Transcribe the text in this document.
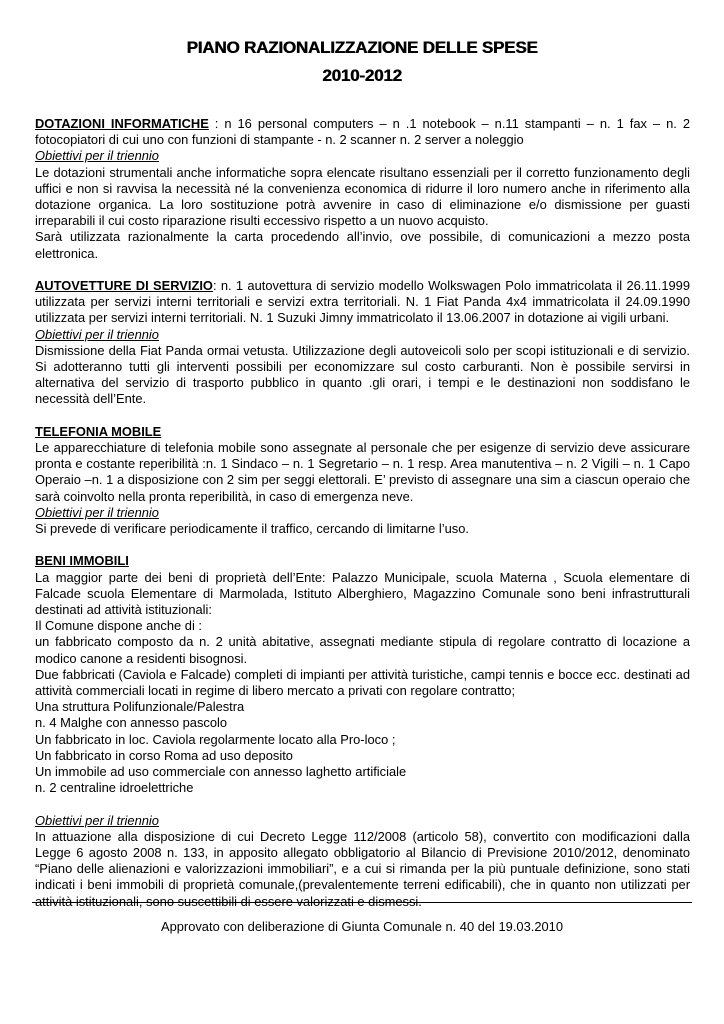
PIANO RAZIONALIZZAZIONE DELLE SPESE
2010-2012

DOTAZIONI INFORMATICHE : n 16 personal computers – n .1 notebook – n.11 stampanti – n. 1 fax – n. 2 fotocopiatori di cui uno con funzioni di stampante - n. 2 scanner n. 2 server a noleggio

Obiettivi per il triennio

Le dotazioni strumentali anche informatiche sopra elencate risultano essenziali per il corretto funzionamento degli uffici e non si ravvisa la necessità né la convenienza economica di ridurre il loro numero anche in riferimento alla dotazione organica. La loro sostituzione potrà avvenire in caso di eliminazione e/o dismissione per guasti irreparabili il cui costo riparazione risulti eccessivo rispetto a un nuovo acquisto.

Sarà utilizzata razionalmente la carta procedendo all’invio, ove possibile, di comunicazioni a mezzo posta elettronica.

AUTOVETTURE DI SERVIZIO: n. 1 autovettura di servizio modello Wolkswagen Polo immatricolata il 26.11.1999 utilizzata per servizi interni territoriali e servizi extra territoriali. N. 1 Fiat Panda 4x4 immatricolata il 24.09.1990 utilizzata per servizi interni territoriali. N. 1 Suzuki Jimny immatricolato il 13.06.2007 in dotazione ai vigili urbani.

Obiettivi per il triennio

Dismissione della Fiat Panda ormai vetusta. Utilizzazione degli autoveicoli solo per scopi istituzionali e di servizio. Si adotteranno tutti gli interventi possibili per economizzare sul costo carburanti. Non è possibile servirsi in alternativa del servizio di trasporto pubblico in quanto .gli orari, i tempi e le destinazioni non soddisfano le necessità dell’Ente.

TELEFONIA MOBILE

Le apparecchiature di telefonia mobile sono assegnate al personale che per esigenze di servizio deve assicurare pronta e costante reperibilità :n. 1 Sindaco – n. 1 Segretario – n. 1 resp. Area manutentiva – n. 2 Vigili – n. 1 Capo Operaio –n. 1 a disposizione con 2 sim per seggi elettorali. E’ previsto di assegnare una sim a ciascun operaio che sarà coinvolto nella pronta reperibilità, in caso di emergenza neve.

Obiettivi per il triennio

Si prevede di verificare periodicamente il traffico, cercando di limitarne l’uso.

BENI IMMOBILI

La maggior parte dei beni di proprietà dell’Ente: Palazzo Municipale, scuola Materna , Scuola elementare di Falcade scuola Elementare di Marmolada, Istituto Alberghiero, Magazzino Comunale sono beni infrastrutturali destinati ad attività istituzionali:

Il Comune dispone anche di :

un fabbricato composto da n. 2 unità abitative, assegnati mediante stipula di regolare contratto di locazione a modico canone a residenti bisognosi.

Due fabbricati (Caviola e Falcade) completi di impianti per attività turistiche, campi tennis e bocce ecc. destinati ad attività commerciali locati in regime di libero mercato a privati con regolare contratto;

Una struttura Polifunzionale/Palestra

n. 4 Malghe con annesso pascolo

Un fabbricato in loc. Caviola regolarmente locato alla Pro-loco ;

Un fabbricato in corso Roma ad uso deposito

Un immobile ad uso commerciale con annesso laghetto artificiale

n. 2 centraline idroelettriche

Obiettivi per il triennio

In attuazione alla disposizione di cui Decreto Legge 112/2008 (articolo 58), convertito con modificazioni dalla Legge 6 agosto 2008 n. 133, in apposito allegato obbligatorio al Bilancio di Previsione 2010/2012, denominato “Piano delle alienazioni e valorizzazioni immobiliari”, e a cui si rimanda per la più puntuale definizione, sono stati indicati i beni immobili di proprietà comunale,(prevalentemente terreni edificabili), che in quanto non utilizzati per attività istituzionali, sono suscettibili di essere valorizzati e dismessi.

Approvato con deliberazione di Giunta Comunale n. 40 del 19.03.2010
